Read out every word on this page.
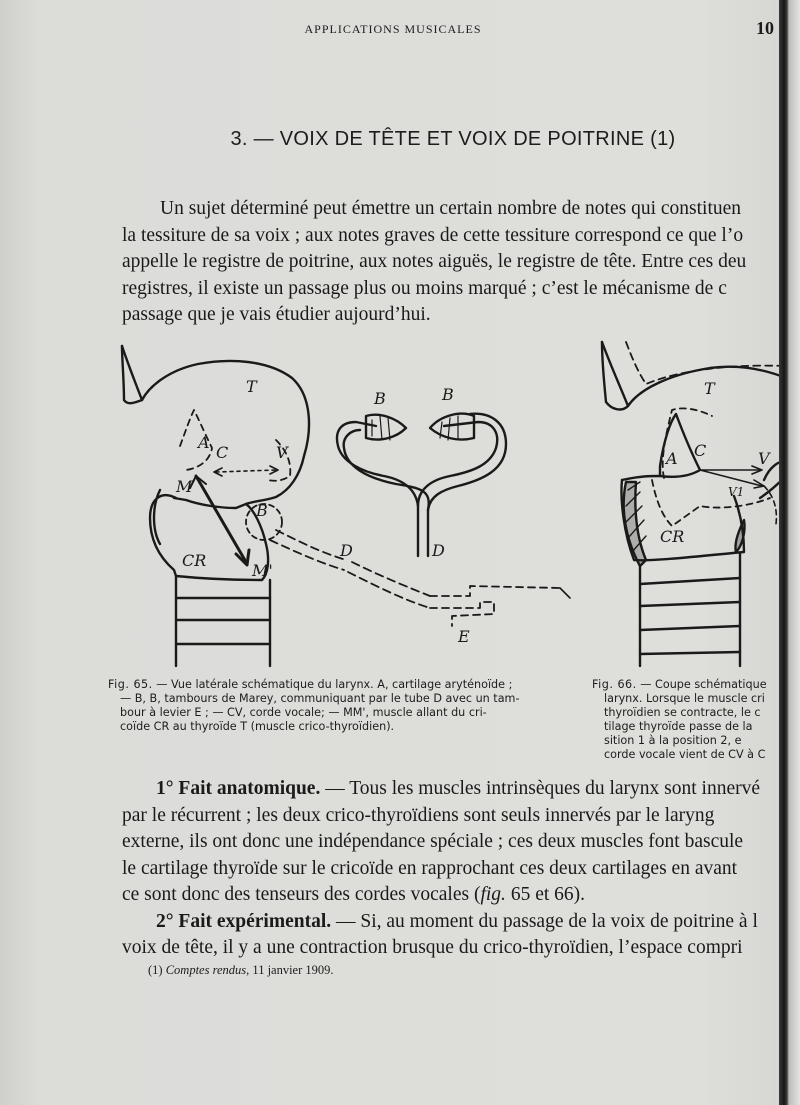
APPLICATIONS MUSICALES	10
3. — VOIX DE TÊTE ET VOIX DE POITRINE (1)
Un sujet déterminé peut émettre un certain nombre de notes qui constituen
la tessiture de sa voix ; aux notes graves de cette tessiture correspond ce que l’o
appelle le registre de poitrine, aux notes aiguës, le registre de tête. Entre ces deu
registres, il existe un passage plus ou moins marqué ; c’est le mécanisme de c
passage que je vais étudier aujourd’hui.
T
A
C	V
M
CR
M'
B
D
E
B	B
D
T
A C	V
V1
CR
Fig. 65. — Vue latérale schématique du larynx. A, cartilage aryténoïde ;
— B, B, tambours de Marey, communiquant par le tube D avec un tam-
bour à levier E ; — CV, corde vocale; — MM', muscle allant du cri-
coïde CR au thyroïde T (muscle crico-thyroïdien).
Fig. 66. — Coupe schématique
larynx. Lorsque le muscle cri
thyroïdien se contracte, le c
tilage thyroïde passe de la
sition 1 à la position 2, e
corde vocale vient de CV à C
1° Fait anatomique. — Tous les muscles intrinsèques du larynx sont innervé
par le récurrent ; les deux crico-thyroïdiens sont seuls innervés par le laryng
externe, ils ont donc une indépendance spéciale ; ces deux muscles font bascule
le cartilage thyroïde sur le cricoïde en rapprochant ces deux cartilages en avant
ce sont donc des tenseurs des cordes vocales (fig. 65 et 66).
2° Fait expérimental. — Si, au moment du passage de la voix de poitrine à l
voix de tête, il y a une contraction brusque du crico-thyroïdien, l’espace compri
(1) Comptes rendus, 11 janvier 1909.
